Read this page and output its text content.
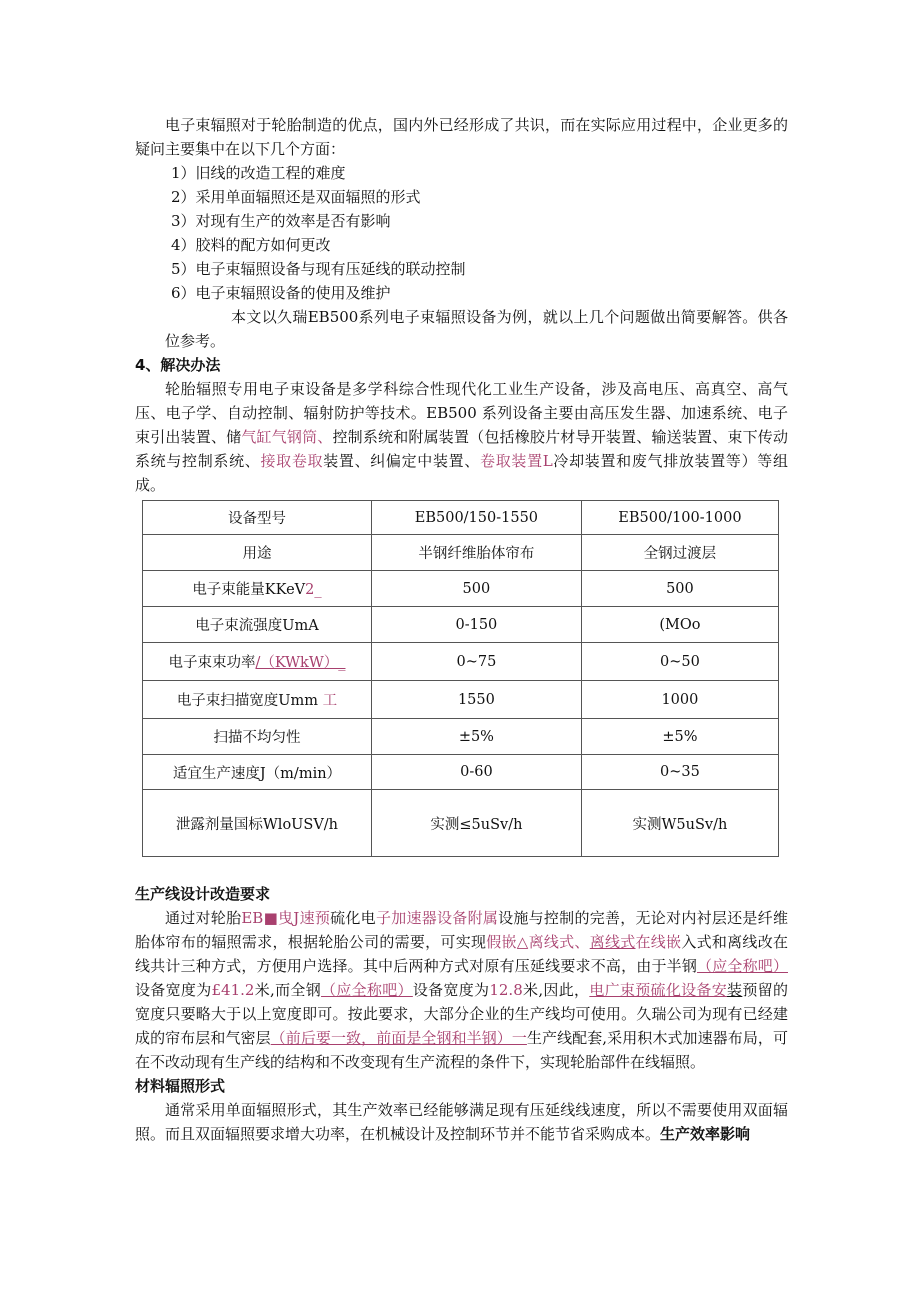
电子束辐照对于轮胎制造的优点，国内外已经形成了共识，而在实际应用过程中，企业更多的疑问主要集中在以下几个方面：
1）旧线的改造工程的难度
2）采用单面辐照还是双面辐照的形式
3）对现有生产的效率是否有影响
4）胶料的配方如何更改
5）电子束辐照设备与现有压延线的联动控制
6）电子束辐照设备的使用及维护
本文以久瑞EB500系列电子束辐照设备为例，就以上几个问题做出简要解答。供各位参考。
4、解决办法
轮胎辐照专用电子束设备是多学科综合性现代化工业生产设备，涉及高电压、高真空、高气压、电子学、自动控制、辐射防护等技术。EB500 系列设备主要由高压发生器、加速系统、电子束引出装置、储气缸气钢筒、控制系统和附属装置（包括橡胶片材导开装置、输送装置、束下传动系统与控制系统、接取卷取装置、纠偏定中装置、卷取装置L冷却装置和废气排放装置等）等组成。
设备型号	EB500/150-1550	EB500/100-1000
用途	半钢纤维胎体帘布	全钢过渡层
电子束能量KKeV2_	500	500
电子束流强度UmA	0-150	(MOo
电子束束功率/（KWkW）_	0~75	0~50
电子束扫描宽度Umm 工	1550	1000
扫描不均匀性	±5%	±5%
适宜生产速度J（m/min）	0-60	0~35
泄露剂量国标WloUSV/h	实测≤5uSv/h	实测W5uSv/h
生产线设计改造要求
通过对轮胎EB■曳J速预硫化电子加速器设备附属设施与控制的完善，无论对内衬层还是纤维胎体帘布的辐照需求，根据轮胎公司的需要，可实现假嵌△离线式、离线式在线嵌入式和离线改在线共计三种方式，方便用户选择。其中后两种方式对原有压延线要求不高，由于半钢（应全称吧）设备宽度为£41.2米,而全钢（应全称吧）设备宽度为12.8米,因此，电广束预硫化设备安装预留的宽度只要略大于以上宽度即可。按此要求，大部分企业的生产线均可使用。久瑞公司为现有已经建成的帘布层和气密层（前后要一致，前面是全钢和半钢）一生产线配套,采用积木式加速器布局，可在不改动现有生产线的结构和不改变现有生产流程的条件下，实现轮胎部件在线辐照。
材料辐照形式
通常采用单面辐照形式，其生产效率已经能够满足现有压延线线速度，所以不需要使用双面辐照。而且双面辐照要求增大功率，在机械设计及控制环节并不能节省采购成本。生产效率影响
